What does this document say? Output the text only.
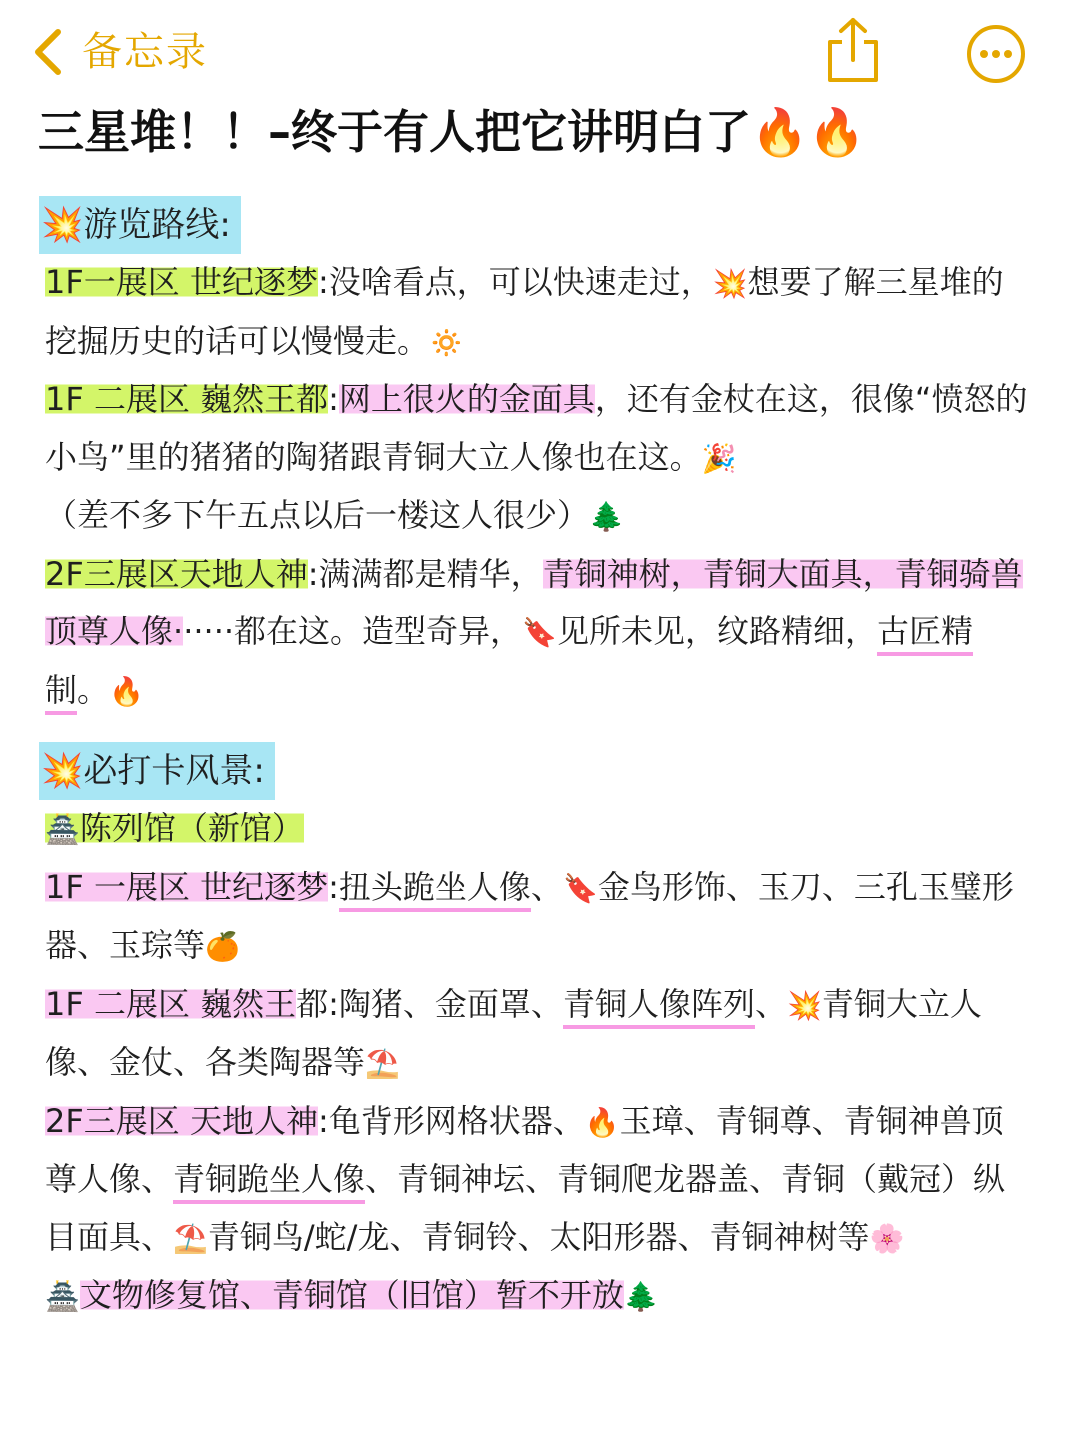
备忘录
三星堆！！–终于有人把它讲明白了🔥🔥
💥游览路线:

1F一展区 世纪逐梦:没啥看点，可以快速走过，💥想要了解三星堆的挖掘历史的话可以慢慢走。🔅

1F 二展区 巍然王都:网上很火的金面具，还有金杖在这，很像“愤怒的小鸟”里的猪猪的陶猪跟青铜大立人像也在这。🎉
（差不多下午五点以后一楼这人很少）🌲

2F三展区天地人神:满满都是精华，青铜神树，青铜大面具，青铜骑兽顶尊人像······都在这。造型奇异，🔖见所未见，纹路精细，古匠精制。🔥

💥必打卡风景:

🏯陈列馆（新馆）

1F 一展区 世纪逐梦:扭头跪坐人像、🔖金鸟形饰、玉刀、三孔玉璧形器、玉琮等🍊

1F 二展区 巍然王都:陶猪、金面罩、青铜人像阵列、💥青铜大立人像、金仗、各类陶器等⛱️

2F三展区 天地人神:龟背形网格状器、🔥玉璋、青铜尊、青铜神兽顶尊人像、青铜跪坐人像、青铜神坛、青铜爬龙器盖、青铜（戴冠）纵目面具、⛱️青铜鸟/蛇/龙、青铜铃、太阳形器、青铜神树等🌸

🏯文物修复馆、青铜馆（旧馆）暂不开放🌲
